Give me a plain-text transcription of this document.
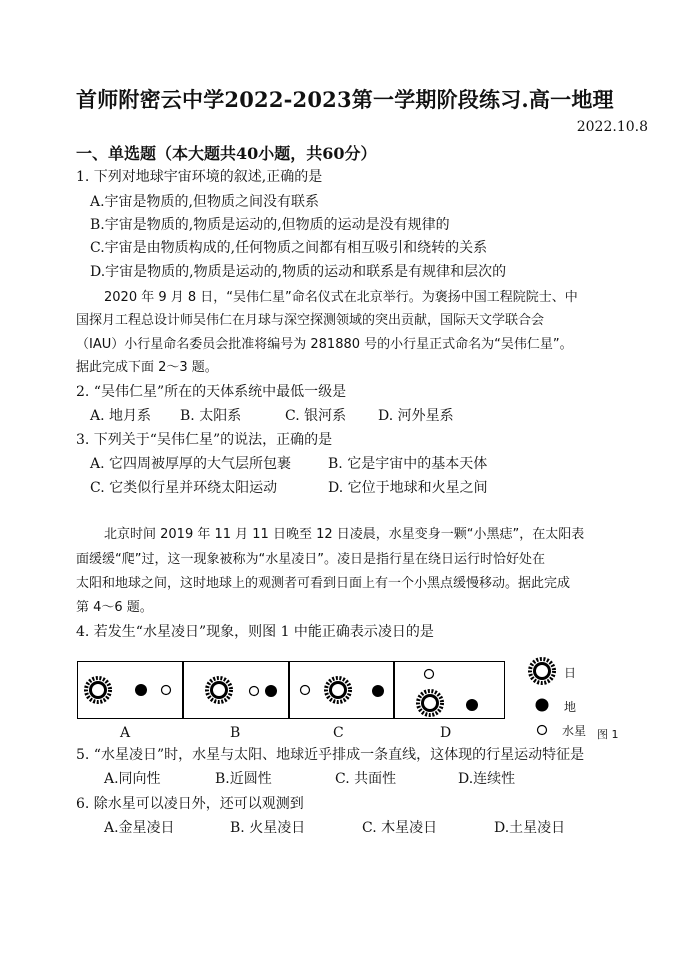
首师附密云中学2022-2023第一学期阶段练习.高一地理
2022.10.8
一、单选题（本大题共40小题，共60分）
1. 下列对地球宇宙环境的叙述,正确的是
A.宇宙是物质的,但物质之间没有联系
B.宇宙是物质的,物质是运动的,但物质的运动是没有规律的
C.宇宙是由物质构成的,任何物质之间都有相互吸引和绕转的关系
D.宇宙是物质的,物质是运动的,物质的运动和联系是有规律和层次的
2020 年 9 月 8 日，“吴伟仁星”命名仪式在北京举行。为褒扬中国工程院院士、中
国探月工程总设计师吴伟仁在月球与深空探测领域的突出贡献，国际天文学联合会
（IAU）小行星命名委员会批准将编号为 281880 号的小行星正式命名为“吴伟仁星”。
据此完成下面 2～3 题。
2. “吴伟仁星”所在的天体系统中最低一级是
A. 地月系 B. 太阳系	C. 银河系 D. 河外星系
3. 下列关于“吴伟仁星”的说法，正确的是
A. 它四周被厚厚的大气层所包裹	B. 它是宇宙中的基本天体
C. 它类似行星并环绕太阳运动	D. 它位于地球和火星之间
北京时间 2019 年 11 月 11 日晚至 12 日凌晨，水星变身一颗“小黑痣”，在太阳表
面缓缓“爬”过，这一现象被称为“水星凌日”。凌日是指行星在绕日运行时恰好处在
太阳和地球之间，这时地球上的观测者可看到日面上有一个小黑点缓慢移动。据此完成
第 4～6 题。
4. 若发生“水星凌日”现象，则图 1 中能正确表示凌日的是
A	B	C	D
日
地
水星 图 1
5. “水星凌日”时，水星与太阳、地球近乎排成一条直线，这体现的行星运动特征是
A.同向性	B.近圆性	C. 共面性	D.连续性
6. 除水星可以凌日外，还可以观测到
A.金星凌日	B. 火星凌日	C. 木星凌日	D.土星凌日
